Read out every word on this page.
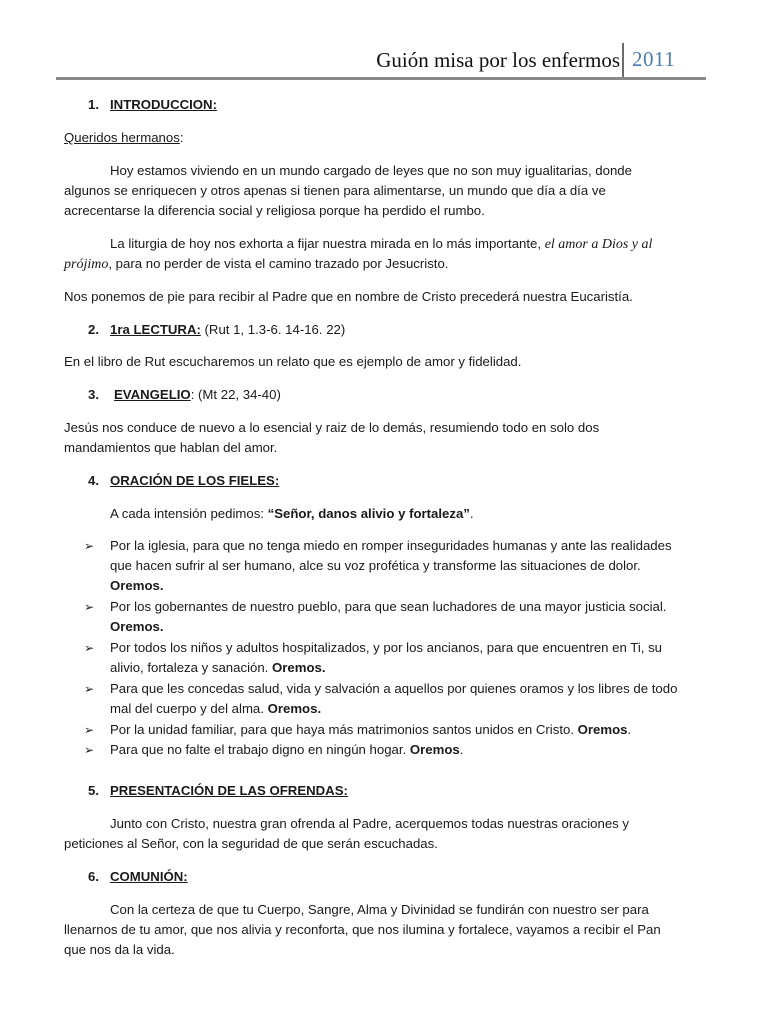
Guión misa por los enfermos 2011
1. INTRODUCCION:
Queridos hermanos:
Hoy estamos viviendo en un mundo cargado de leyes que no son muy igualitarias, donde
algunos se enriquecen y otros apenas si tienen para alimentarse, un mundo que día a día ve
acrecentarse la diferencia social y religiosa porque ha perdido el rumbo.
La liturgia de hoy nos exhorta a fijar nuestra mirada en lo más importante, el amor a Dios y al
prójimo, para no perder de vista el camino trazado por Jesucristo.
Nos ponemos de pie para recibir al Padre que en nombre de Cristo precederá nuestra Eucaristía.
2. 1ra LECTURA: (Rut 1, 1.3-6. 14-16. 22)
En el libro de Rut escucharemos un relato que es ejemplo de amor y fidelidad.
3. EVANGELIO: (Mt 22, 34-40)
Jesús nos conduce de nuevo a lo esencial y raiz de lo demás, resumiendo todo en solo dos
mandamientos que hablan del amor.
4. ORACIÓN DE LOS FIELES:
A cada intensión pedimos: “Señor, danos alivio y fortaleza”.
➢ Por la iglesia, para que no tenga miedo en romper inseguridades humanas y ante las realidades
que hacen sufrir al ser humano, alce su voz profética y transforme las situaciones de dolor.
Oremos.
➢ Por los gobernantes de nuestro pueblo, para que sean luchadores de una mayor justicia social.
Oremos.
➢ Por todos los niños y adultos hospitalizados, y por los ancianos, para que encuentren en Ti, su
alivio, fortaleza y sanación. Oremos.
➢ Para que les concedas salud, vida y salvación a aquellos por quienes oramos y los libres de todo
mal del cuerpo y del alma. Oremos.
➢ Por la unidad familiar, para que haya más matrimonios santos unidos en Cristo. Oremos.
➢ Para que no falte el trabajo digno en ningún hogar. Oremos.
5. PRESENTACIÓN DE LAS OFRENDAS:
Junto con Cristo, nuestra gran ofrenda al Padre, acerquemos todas nuestras oraciones y
peticiones al Señor, con la seguridad de que serán escuchadas.
6. COMUNIÓN:
Con la certeza de que tu Cuerpo, Sangre, Alma y Divinidad se fundirán con nuestro ser para
llenarnos de tu amor, que nos alivia y reconforta, que nos ilumina y fortalece, vayamos a recibir el Pan
que nos da la vida.
